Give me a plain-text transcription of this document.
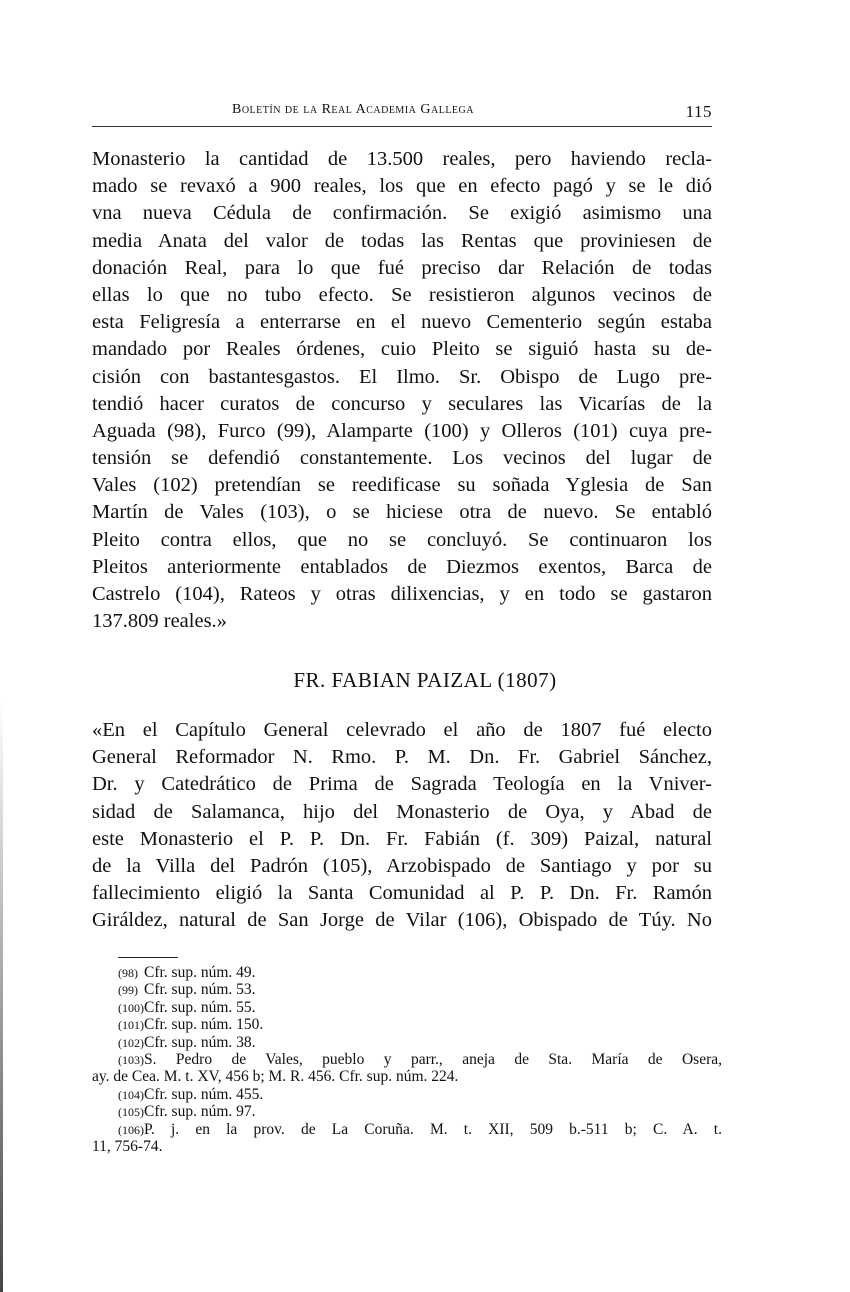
Boletín de la Real Academia Gallega	115
Monasterio la cantidad de 13.500 reales, pero haviendo recla-
mado se revaxó a 900 reales, los que en efecto pagó y se le dió
vna nueva Cédula de confirmación. Se exigió asimismo una
media Anata del valor de todas las Rentas que proviniesen de
donación Real, para lo que fué preciso dar Relación de todas
ellas lo que no tubo efecto. Se resistieron algunos vecinos de
esta Feligresía a enterrarse en el nuevo Cementerio según estaba
mandado por Reales órdenes, cuio Pleito se siguió hasta su de-
cisión con bastantesgastos. El Ilmo. Sr. Obispo de Lugo pre-
tendió hacer curatos de concurso y seculares las Vicarías de la
Aguada (98), Furco (99), Alamparte (100) y Olleros (101) cuya pre-
tensión se defendió constantemente. Los vecinos del lugar de
Vales (102) pretendían se reedificase su soñada Yglesia de San
Martín de Vales (103), o se hiciese otra de nuevo. Se entabló
Pleito contra ellos, que no se concluyó. Se continuaron los
Pleitos anteriormente entablados de Diezmos exentos, Barca de
Castrelo (104), Rateos y otras dilixencias, y en todo se gastaron
137.809 reales.»
FR. FABIAN PAIZAL (1807)
«En el Capítulo General celevrado el año de 1807 fué electo
General Reformador N. Rmo. P. M. Dn. Fr. Gabriel Sánchez,
Dr. y Catedrático de Prima de Sagrada Teología en la Vniver-
sidad de Salamanca, hijo del Monasterio de Oya, y Abad de
este Monasterio el P. P. Dn. Fr. Fabián (f. 309) Paizal, natural
de la Villa del Padrón (105), Arzobispado de Santiago y por su
fallecimiento eligió la Santa Comunidad al P. P. Dn. Fr. Ramón
Giráldez, natural de San Jorge de Vilar (106), Obispado de Túy. No
(98) Cfr. sup. núm. 49.
(99) Cfr. sup. núm. 53.
(100)Cfr. sup. núm. 55.
(101)Cfr. sup. núm. 150.
(102)Cfr. sup. núm. 38.
(103)S. Pedro de Vales, pueblo y parr., aneja de Sta. María de Osera,
ay. de Cea. M. t. XV, 456 b; M. R. 456. Cfr. sup. núm. 224.
(104)Cfr. sup. núm. 455.
(105)Cfr. sup. núm. 97.
(106)P. j. en la prov. de La Coruña. M. t. XII, 509 b.-511 b; C. A. t.
11, 756-74.
